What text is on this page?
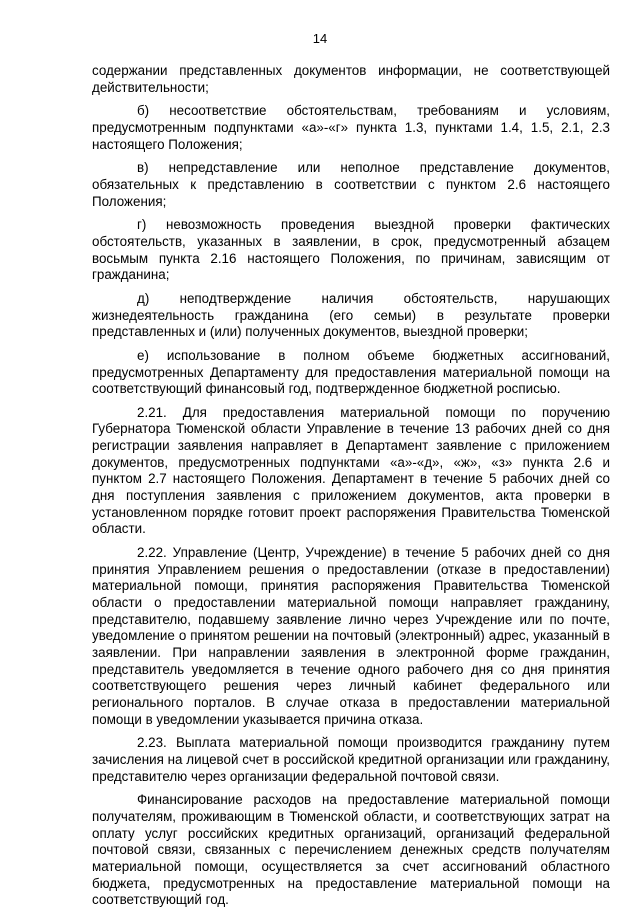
14

содержании представленных документов информации, не соответствующей действительности;

б) несоответствие обстоятельствам, требованиям и условиям, предусмотренным подпунктами «а»-«г» пункта 1.3, пунктами 1.4, 1.5, 2.1, 2.3 настоящего Положения;

в) непредставление или неполное представление документов, обязательных к представлению в соответствии с пунктом 2.6 настоящего Положения;

г) невозможность проведения выездной проверки фактических обстоятельств, указанных в заявлении, в срок, предусмотренный абзацем восьмым пункта 2.16 настоящего Положения, по причинам, зависящим от гражданина;

д) неподтверждение наличия обстоятельств, нарушающих жизнедеятельность гражданина (его семьи) в результате проверки представленных и (или) полученных документов, выездной проверки;

е) использование в полном объеме бюджетных ассигнований, предусмотренных Департаменту для предоставления материальной помощи на соответствующий финансовый год, подтвержденное бюджетной росписью.

2.21. Для предоставления материальной помощи по поручению Губернатора Тюменской области Управление в течение 13 рабочих дней со дня регистрации заявления направляет в Департамент заявление с приложением документов, предусмотренных подпунктами «а»-«д», «ж», «з» пункта 2.6 и пунктом 2.7 настоящего Положения. Департамент в течение 5 рабочих дней со дня поступления заявления с приложением документов, акта проверки в установленном порядке готовит проект распоряжения Правительства Тюменской области.

2.22. Управление (Центр, Учреждение) в течение 5 рабочих дней со дня принятия Управлением решения о предоставлении (отказе в предоставлении) материальной помощи, принятия распоряжения Правительства Тюменской области о предоставлении материальной помощи направляет гражданину, представителю, подавшему заявление лично через Учреждение или по почте, уведомление о принятом решении на почтовый (электронный) адрес, указанный в заявлении. При направлении заявления в электронной форме гражданин, представитель уведомляется в течение одного рабочего дня со дня принятия соответствующего решения через личный кабинет федерального или регионального порталов. В случае отказа в предоставлении материальной помощи в уведомлении указывается причина отказа.

2.23. Выплата материальной помощи производится гражданину путем зачисления на лицевой счет в российской кредитной организации или гражданину, представителю через организации федеральной почтовой связи.

Финансирование расходов на предоставление материальной помощи получателям, проживающим в Тюменской области, и соответствующих затрат на оплату услуг российских кредитных организаций, организаций федеральной почтовой связи, связанных с перечислением денежных средств получателям материальной помощи, осуществляется за счет ассигнований областного бюджета, предусмотренных на предоставление материальной помощи на соответствующий год.
